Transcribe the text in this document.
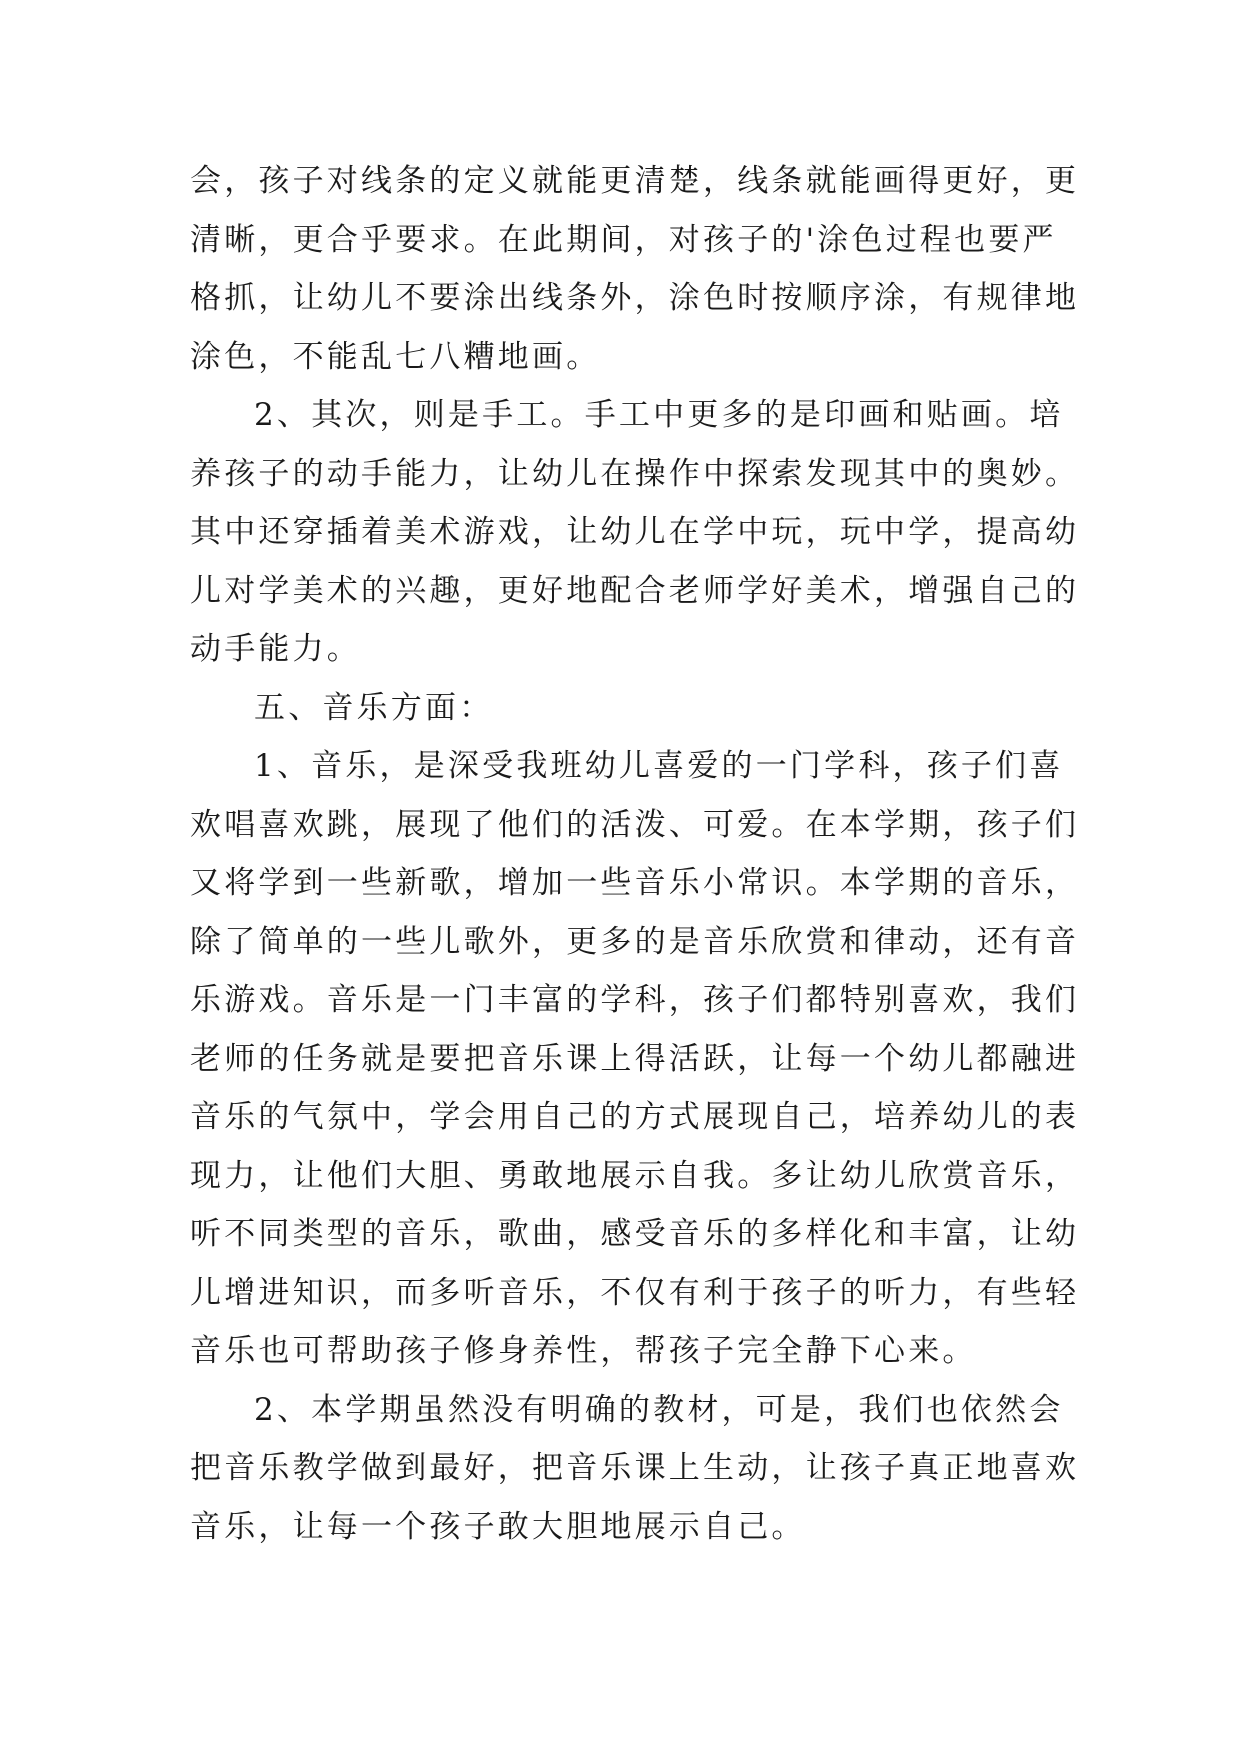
会，孩子对线条的定义就能更清楚，线条就能画得更好，更
清晰，更合乎要求。在此期间，对孩子的'涂色过程也要严
格抓，让幼儿不要涂出线条外，涂色时按顺序涂，有规律地
涂色，不能乱七八糟地画。
2、其次，则是手工。手工中更多的是印画和贴画。培
养孩子的动手能力，让幼儿在操作中探索发现其中的奥妙。
其中还穿插着美术游戏，让幼儿在学中玩，玩中学，提高幼
儿对学美术的兴趣，更好地配合老师学好美术，增强自己的
动手能力。
五、音乐方面：
1、音乐，是深受我班幼儿喜爱的一门学科，孩子们喜
欢唱喜欢跳，展现了他们的活泼、可爱。在本学期，孩子们
又将学到一些新歌，增加一些音乐小常识。本学期的音乐，
除了简单的一些儿歌外，更多的是音乐欣赏和律动，还有音
乐游戏。音乐是一门丰富的学科，孩子们都特别喜欢，我们
老师的任务就是要把音乐课上得活跃，让每一个幼儿都融进
音乐的气氛中，学会用自己的方式展现自己，培养幼儿的表
现力，让他们大胆、勇敢地展示自我。多让幼儿欣赏音乐，
听不同类型的音乐，歌曲，感受音乐的多样化和丰富，让幼
儿增进知识，而多听音乐，不仅有利于孩子的听力，有些轻
音乐也可帮助孩子修身养性，帮孩子完全静下心来。
2、本学期虽然没有明确的教材，可是，我们也依然会
把音乐教学做到最好，把音乐课上生动，让孩子真正地喜欢
音乐，让每一个孩子敢大胆地展示自己。
